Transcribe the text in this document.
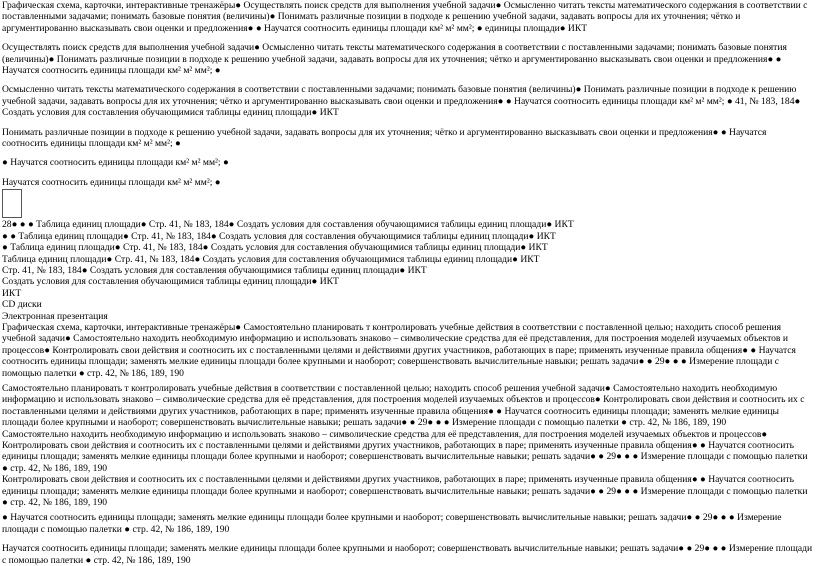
Графическая схема, карточки, интерактивные тренажёры● Осуществлять поиск средств для выполнения учебной задачи● Осмысленно читать тексты математического содержания в соответствии с поставленными задачами; понимать базовые понятия (величины)● Понимать различные позиции в подходе к решению учебной задачи, задавать вопросы для их уточнения; чётко и аргументированно высказывать свои оценки и предложения● ● Научатся соотносить единицы площади км² м² мм²; ● единицы площади● ИКТ

Осуществлять поиск средств для выполнения учебной задачи● Осмысленно читать тексты математического содержания в соответствии с поставленными задачами; понимать базовые понятия (величины)● Понимать различные позиции в подходе к решению учебной задачи, задавать вопросы для их уточнения; чётко и аргументированно высказывать свои оценки и предложения● ● Научатся соотносить единицы площади км² м² мм²; ●

Осмысленно читать тексты математического содержания в соответствии с поставленными задачами; понимать базовые понятия (величины)● Понимать различные позиции в подходе к решению учебной задачи, задавать вопросы для их уточнения; чётко и аргументированно высказывать свои оценки и предложения● ● Научатся соотносить единицы площади км² м² мм²; ● 41, № 183, 184● Создать условия для составления обучающимися таблицы единиц площади● ИКТ

Понимать различные позиции в подходе к решению учебной задачи, задавать вопросы для их уточнения; чётко и аргументированно высказывать свои оценки и предложения● ● Научатся соотносить единицы площади км² м² мм²; ●

● Научатся соотносить единицы площади км² м² мм²; ●

Научатся соотносить единицы площади км² м² мм²; ●

28● ● ● Таблица единиц площади● Стр. 41, № 183, 184● Создать условия для составления обучающимися таблицы единиц площади● ИКТ

● ● Таблица единиц площади● Стр. 41, № 183, 184● Создать условия для составления обучающимися таблицы единиц площади● ИКТ

● Таблица единиц площади● Стр. 41, № 183, 184● Создать условия для составления обучающимися таблицы единиц площади● ИКТ

Таблица единиц площади● Стр. 41, № 183, 184● Создать условия для составления обучающимися таблицы единиц площади● ИКТ

Стр. 41, № 183, 184● Создать условия для составления обучающимися таблицы единиц площади● ИКТ

Создать условия для составления обучающимися таблицы единиц площади● ИКТ

ИКТ

CD диски

Электронная презентация

Графическая схема, карточки, интерактивные тренажёры● Самостоятельно планировать т контролировать учебные действия в соответствии с поставленной целью; находить способ решения учебной задачи● Самостоятельно находить необходимую информацию и использовать знаково – символические средства для её представления, для построения моделей изучаемых объектов и процессов● Контролировать свои действия и соотносить их с поставленными целями и действиями других участников, работающих в паре; применять изученные правила общения● ● Научатся соотносить единицы площади; заменять мелкие единицы площади более крупными и наоборот; совершенствовать вычислительные навыки; решать задачи● ● 29● ● ● Измерение площади с помощью палетки ● стр. 42, № 186, 189, 190

Самостоятельно планировать т контролировать учебные действия в соответствии с поставленной целью; находить способ решения учебной задачи● Самостоятельно находить необходимую информацию и использовать знаково – символические средства для её представления, для построения моделей изучаемых объектов и процессов● Контролировать свои действия и соотносить их с поставленными целями и действиями других участников, работающих в паре; применять изученные правила общения● ● Научатся соотносить единицы площади; заменять мелкие единицы площади более крупными и наоборот; совершенствовать вычислительные навыки; решать задачи● ● 29● ● ● Измерение площади с помощью палетки ● стр. 42, № 186, 189, 190

Самостоятельно находить необходимую информацию и использовать знаково – символические средства для её представления, для построения моделей изучаемых объектов и процессов● Контролировать свои действия и соотносить их с поставленными целями и действиями других участников, работающих в паре; применять изученные правила общения● ● Научатся соотносить единицы площади; заменять мелкие единицы площади более крупными и наоборот; совершенствовать вычислительные навыки; решать задачи● ● 29● ● ● Измерение площади с помощью палетки ● стр. 42, № 186, 189, 190

Контролировать свои действия и соотносить их с поставленными целями и действиями других участников, работающих в паре; применять изученные правила общения● ● Научатся соотносить единицы площади; заменять мелкие единицы площади более крупными и наоборот; совершенствовать вычислительные навыки; решать задачи● ● 29● ● ● Измерение площади с помощью палетки ● стр. 42, № 186, 189, 190

● Научатся соотносить единицы площади; заменять мелкие единицы площади более крупными и наоборот; совершенствовать вычислительные навыки; решать задачи● ● 29● ● ● Измерение площади с помощью палетки ● стр. 42, № 186, 189, 190

Научатся соотносить единицы площади; заменять мелкие единицы площади более крупными и наоборот; совершенствовать вычислительные навыки; решать задачи● ● 29● ● ● Измерение площади с помощью палетки ● стр. 42, № 186, 189, 190
